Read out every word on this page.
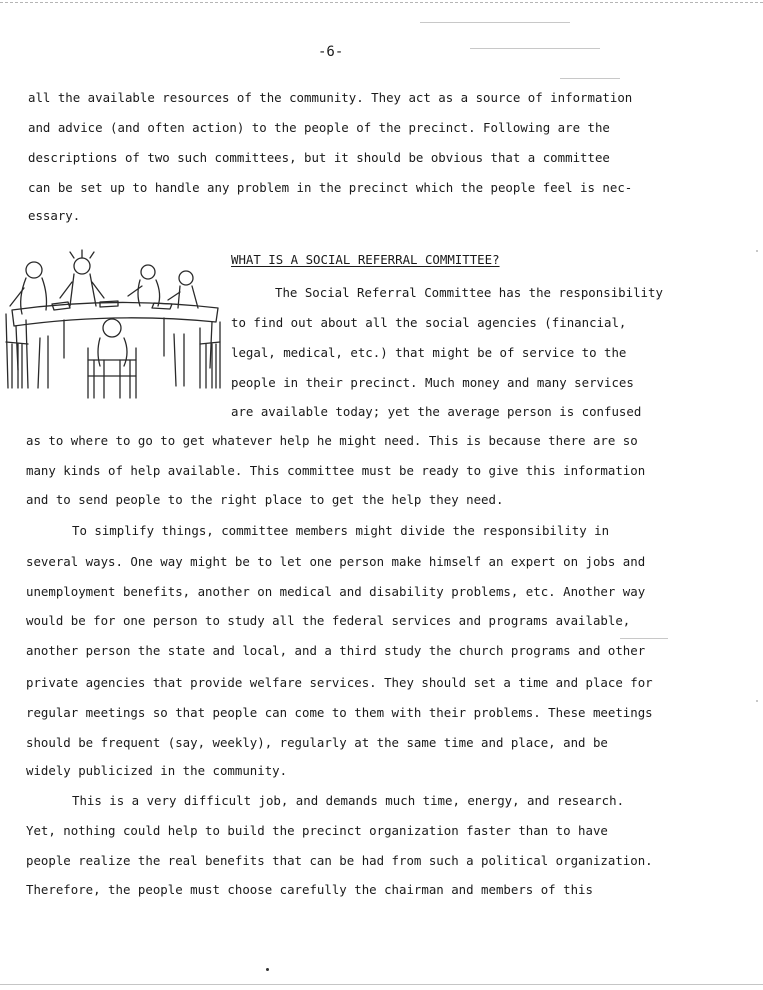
-6-
all the available resources of the community. They act as a source of information
and advice (and often action) to the people of the precinct. Following are the
descriptions of two such committees, but it should be obvious that a committee
can be set up to handle any problem in the precinct which the people feel is nec-
essary.
WHAT IS A SOCIAL REFERRAL COMMITTEE?
The Social Referral Committee has the responsibility
to find out about all the social agencies (financial,
legal, medical, etc.) that might be of service to the
people in their precinct. Much money and many services
are available today; yet the average person is confused
as to where to go to get whatever help he might need. This is because there are so
many kinds of help available. This committee must be ready to give this information
and to send people to the right place to get the help they need.
To simplify things, committee members might divide the responsibility in
several ways. One way might be to let one person make himself an expert on jobs and
unemployment benefits, another on medical and disability problems, etc. Another way
would be for one person to study all the federal services and programs available,
another person the state and local, and a third study the church programs and other
private agencies that provide welfare services. They should set a time and place for
regular meetings so that people can come to them with their problems. These meetings
should be frequent (say, weekly), regularly at the same time and place, and be
widely publicized in the community.
This is a very difficult job, and demands much time, energy, and research.
Yet, nothing could help to build the precinct organization faster than to have
people realize the real benefits that can be had from such a political organization.
Therefore, the people must choose carefully the chairman and members of this
